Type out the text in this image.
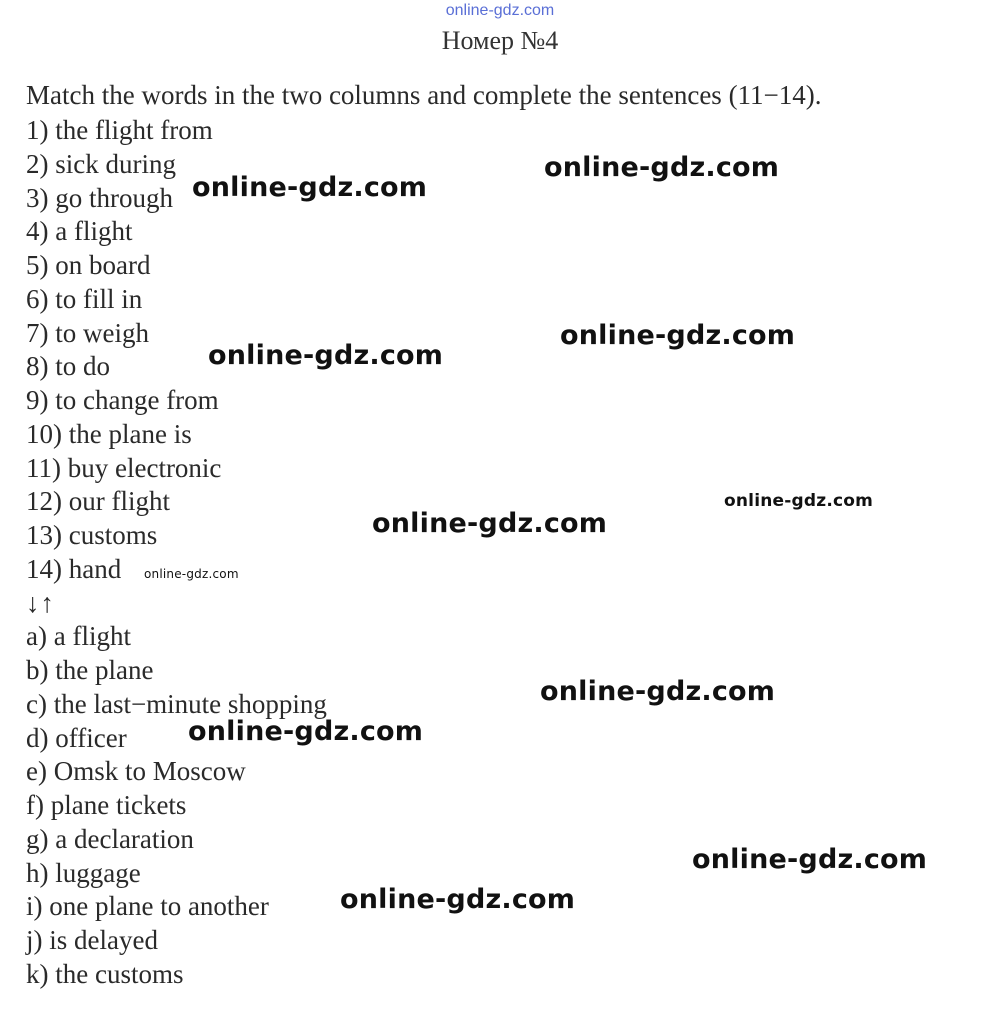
online-gdz.com
Номер №4
Match the words in the two columns and complete the sentences (11−14).
1) the flight from
2) sick during
3) go through
4) a flight
5) on board
6) to fill in
7) to weigh
8) to do
9) to change from
10) the plane is
11) buy electronic
12) our flight
13) customs
14) hand
↓↑
a) a flight
b) the plane
c) the last−minute shopping
d) officer
e) Omsk to Moscow
f) plane tickets
g) a declaration
h) luggage
i) one plane to another
j) is delayed
k) the customs
online-gdz.com
online-gdz.com
online-gdz.com
online-gdz.com
online-gdz.com
online-gdz.com
online-gdz.com
online-gdz.com
online-gdz.com
online-gdz.com
online-gdz.com
